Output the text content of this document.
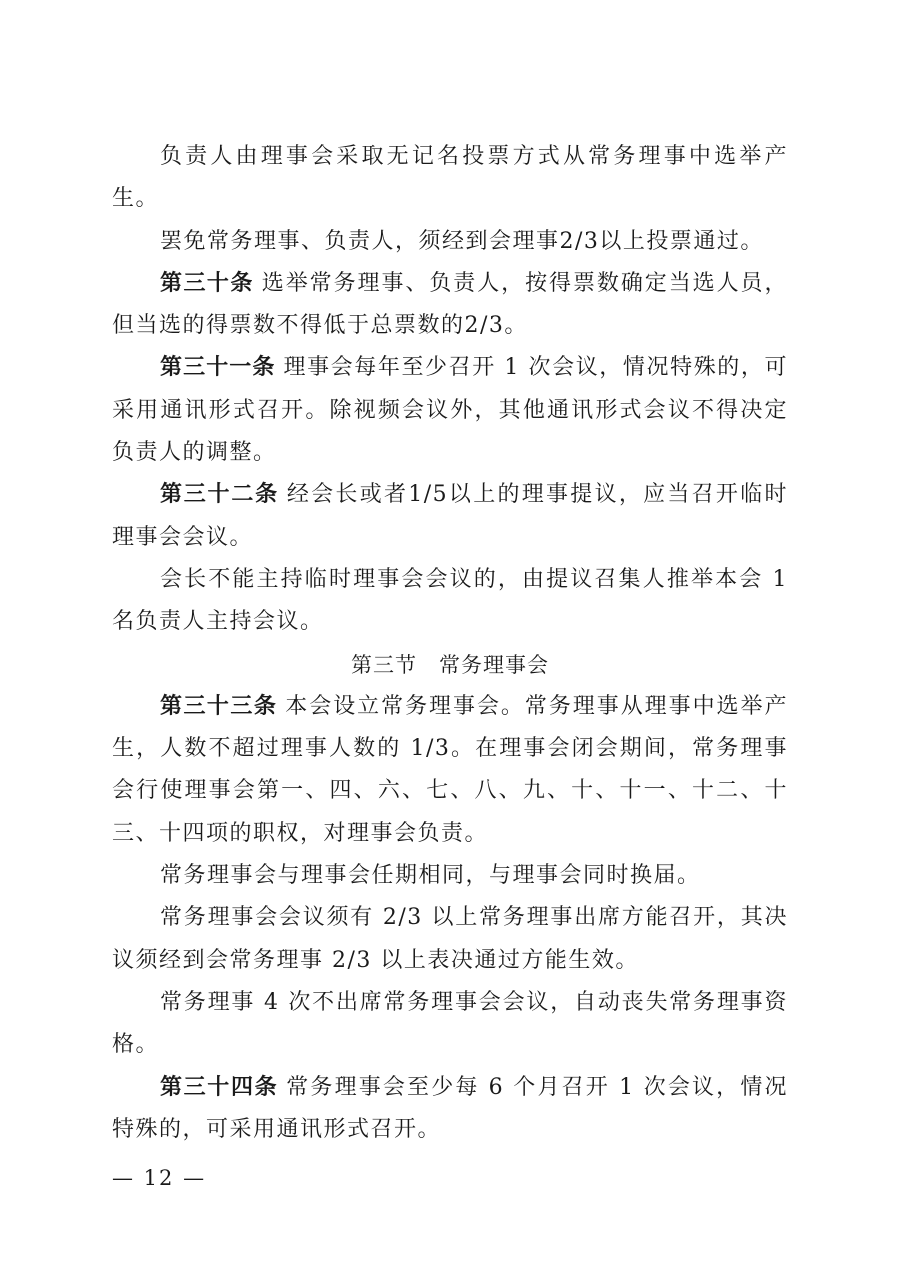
负责人由理事会采取无记名投票方式从常务理事中选举产生。

罢免常务理事、负责人，须经到会理事2/3以上投票通过。

第三十条 选举常务理事、负责人，按得票数确定当选人员，但当选的得票数不得低于总票数的2/3。

第三十一条 理事会每年至少召开 1 次会议，情况特殊的，可采用通讯形式召开。除视频会议外，其他通讯形式会议不得决定负责人的调整。

第三十二条 经会长或者1/5以上的理事提议，应当召开临时理事会会议。

会长不能主持临时理事会会议的，由提议召集人推举本会 1 名负责人主持会议。

第三节　常务理事会

第三十三条 本会设立常务理事会。常务理事从理事中选举产生，人数不超过理事人数的 1/3。在理事会闭会期间，常务理事会行使理事会第一、四、六、七、八、九、十、十一、十二、十三、十四项的职权，对理事会负责。

常务理事会与理事会任期相同，与理事会同时换届。

常务理事会会议须有 2/3 以上常务理事出席方能召开，其决议须经到会常务理事 2/3 以上表决通过方能生效。

常务理事 4 次不出席常务理事会会议，自动丧失常务理事资格。

第三十四条 常务理事会至少每 6 个月召开 1 次会议，情况特殊的，可采用通讯形式召开。

— 12 —
